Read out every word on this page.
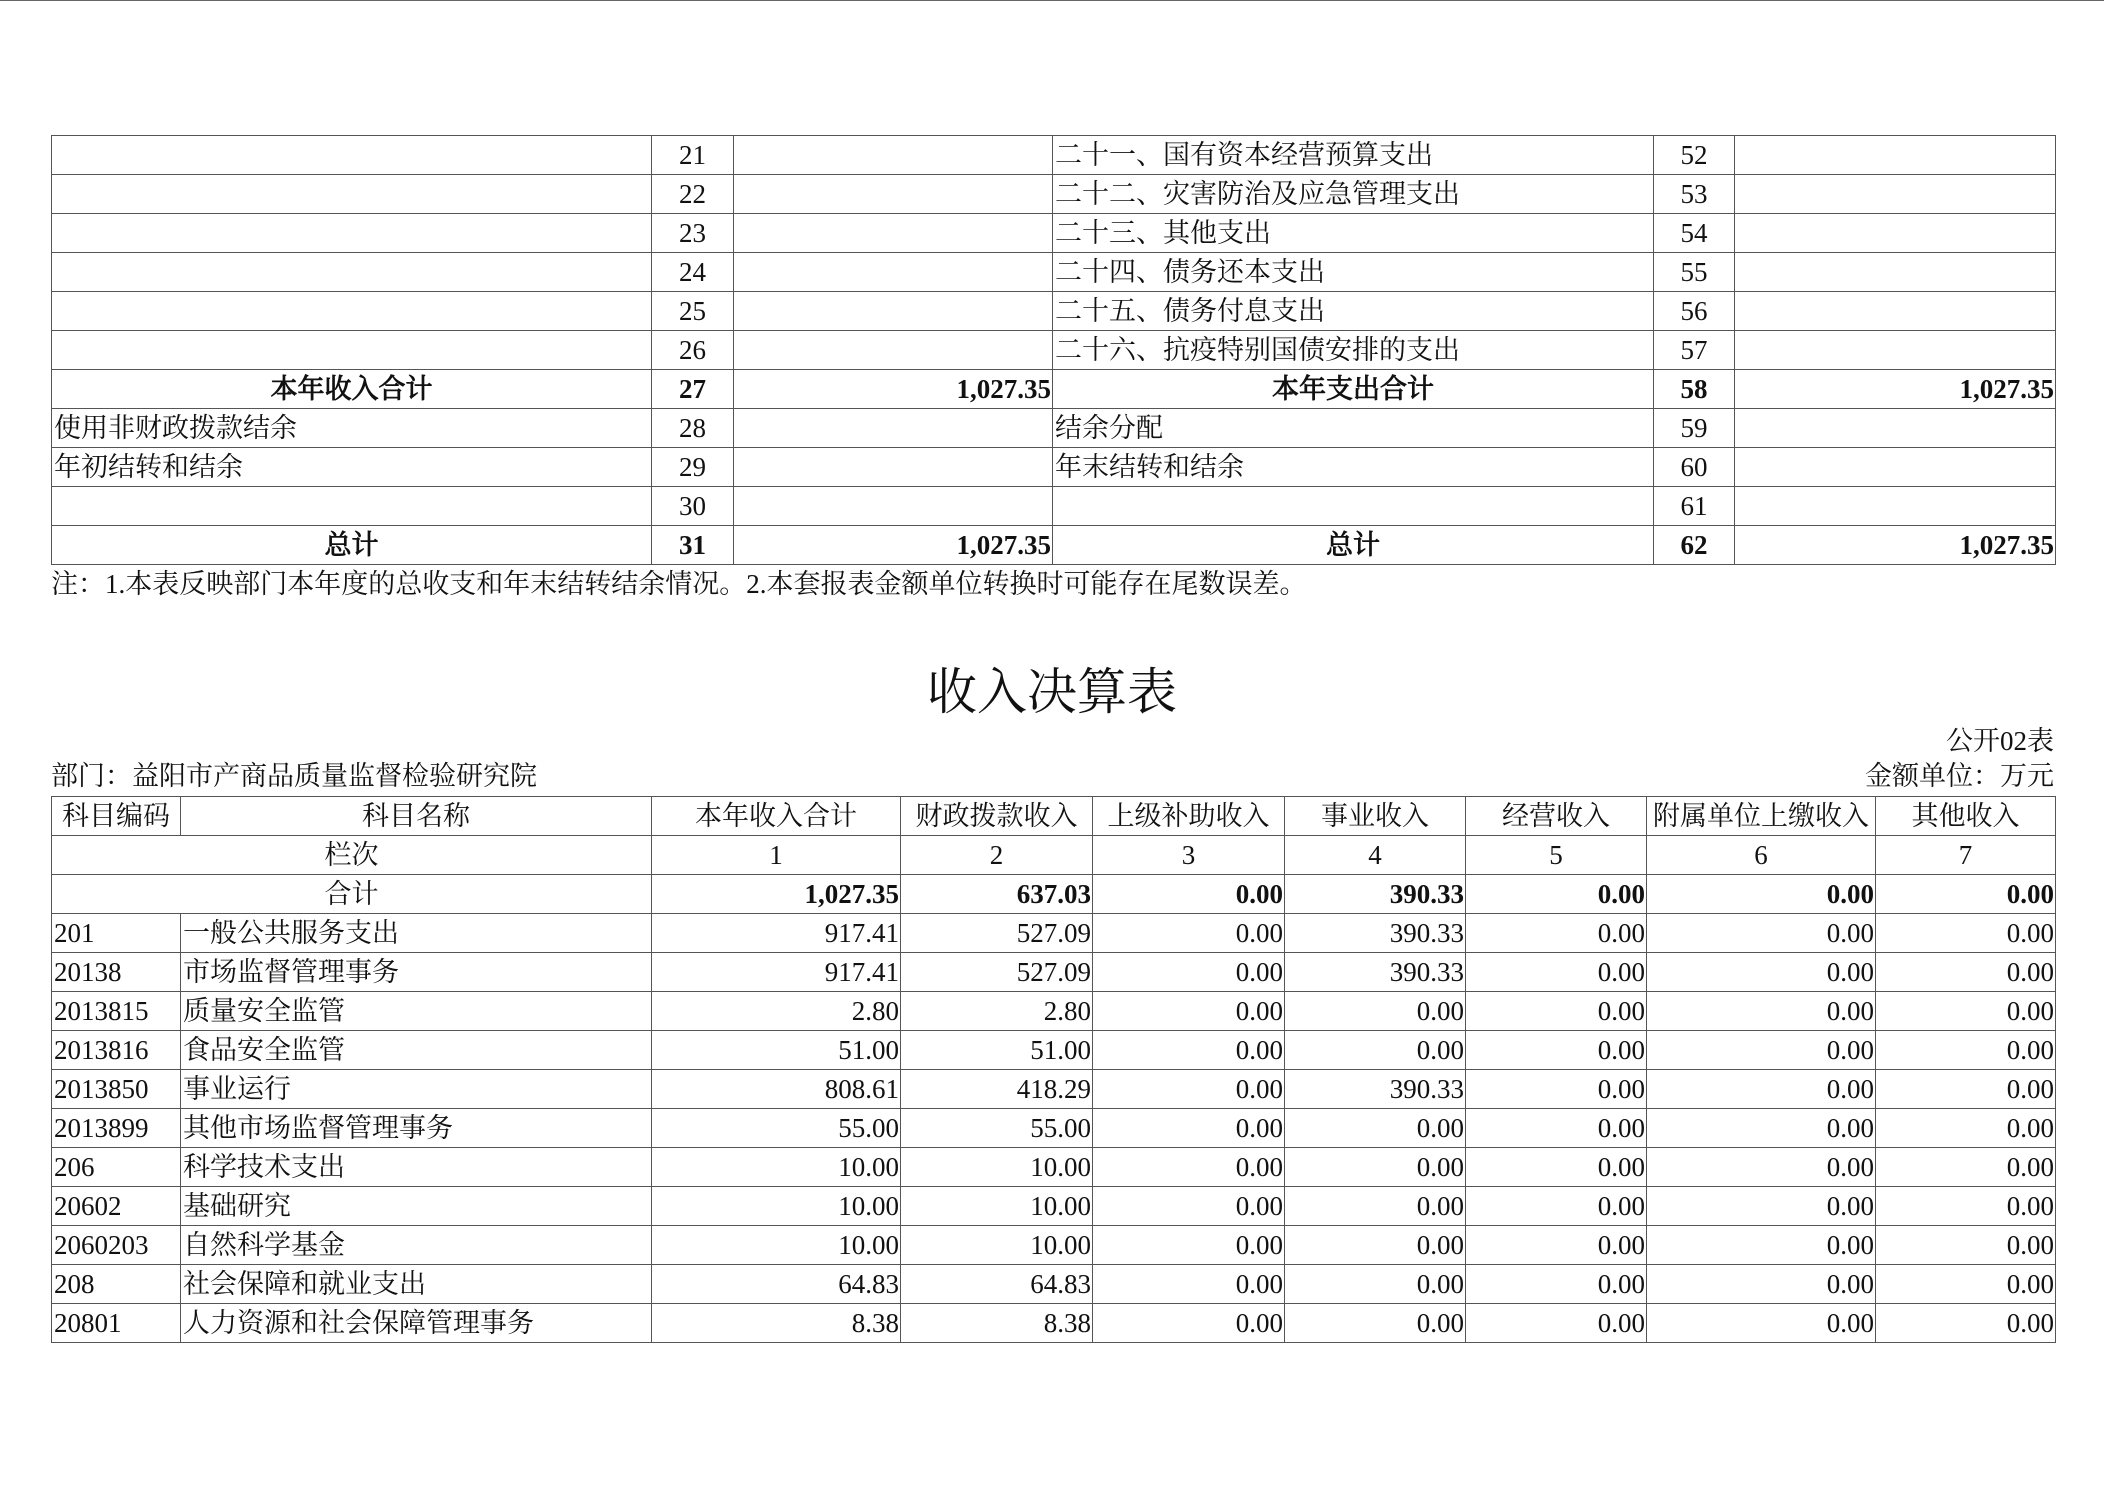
	21		二十一、国有资本经营预算支出	52	
	22		二十二、灾害防治及应急管理支出	53	
	23		二十三、其他支出	54	
	24		二十四、债务还本支出	55	
	25		二十五、债务付息支出	56	
	26		二十六、抗疫特别国债安排的支出	57	
本年收入合计	27	1,027.35	本年支出合计	58	1,027.35
使用非财政拨款结余	28		结余分配	59	
年初结转和结余	29		年末结转和结余	60	
	30			61	
总计	31	1,027.35	总计	62	1,027.35
注：1.本表反映部门本年度的总收支和年末结转结余情况。2.本套报表金额单位转换时可能存在尾数误差。
收入决算表
公开02表
部门：益阳市产商品质量监督检验研究院	金额单位：万元
科目编码	科目名称	本年收入合计	财政拨款收入	上级补助收入	事业收入	经营收入	附属单位上缴收入	其他收入
栏次		1	2	3	4	5	6	7
合计		1,027.35	637.03	0.00	390.33	0.00	0.00	0.00
201	一般公共服务支出	917.41	527.09	0.00	390.33	0.00	0.00	0.00
20138	市场监督管理事务	917.41	527.09	0.00	390.33	0.00	0.00	0.00
2013815	质量安全监管	2.80	2.80	0.00	0.00	0.00	0.00	0.00
2013816	食品安全监管	51.00	51.00	0.00	0.00	0.00	0.00	0.00
2013850	事业运行	808.61	418.29	0.00	390.33	0.00	0.00	0.00
2013899	其他市场监督管理事务	55.00	55.00	0.00	0.00	0.00	0.00	0.00
206	科学技术支出	10.00	10.00	0.00	0.00	0.00	0.00	0.00
20602	基础研究	10.00	10.00	0.00	0.00	0.00	0.00	0.00
2060203	自然科学基金	10.00	10.00	0.00	0.00	0.00	0.00	0.00
208	社会保障和就业支出	64.83	64.83	0.00	0.00	0.00	0.00	0.00
20801	人力资源和社会保障管理事务	8.38	8.38	0.00	0.00	0.00	0.00	0.00
